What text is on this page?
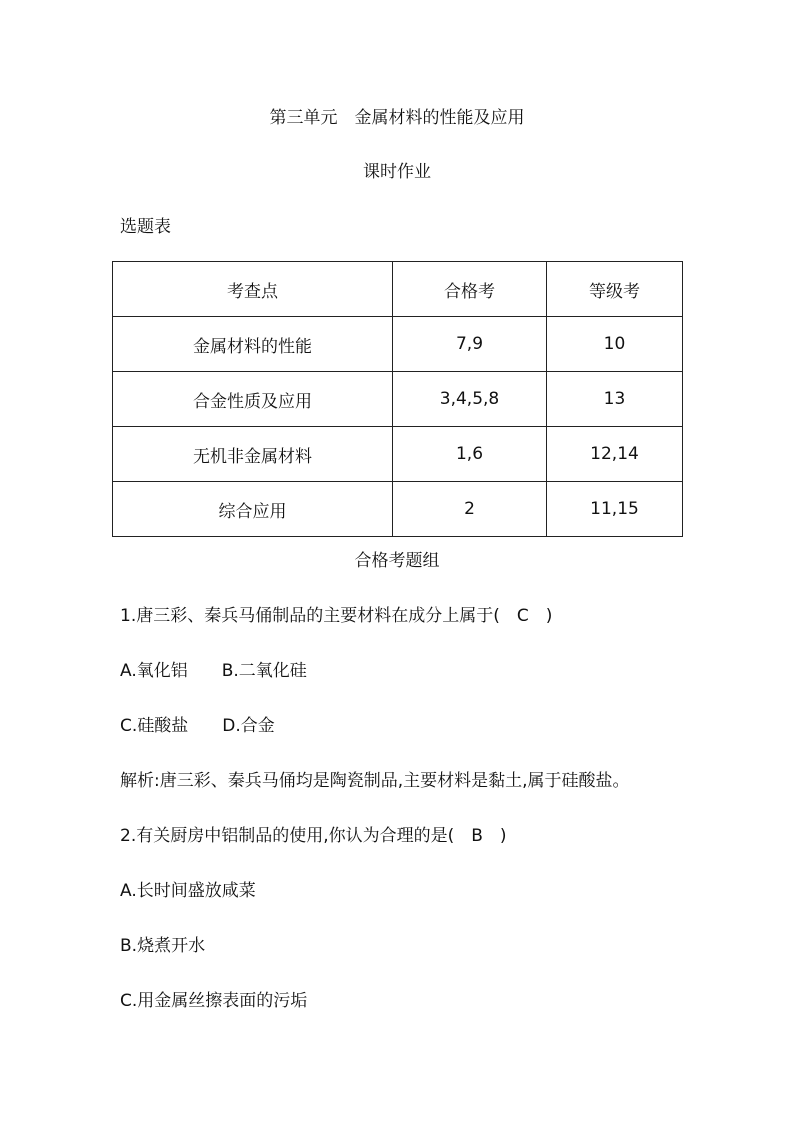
第三单元　金属材料的性能及应用
课时作业
选题表
考查点	合格考	等级考
金属材料的性能	7,9	10
合金性质及应用	3,4,5,8	13
无机非金属材料	1,6	12,14
综合应用	2	11,15
合格考题组
1.唐三彩、秦兵马俑制品的主要材料在成分上属于(　C　)
A.氧化铝 B.二氧化硅
C.硅酸盐 D.合金
解析:唐三彩、秦兵马俑均是陶瓷制品,主要材料是黏土,属于硅酸盐。
2.有关厨房中铝制品的使用,你认为合理的是(　B　)
A.长时间盛放咸菜
B.烧煮开水
C.用金属丝擦表面的污垢
